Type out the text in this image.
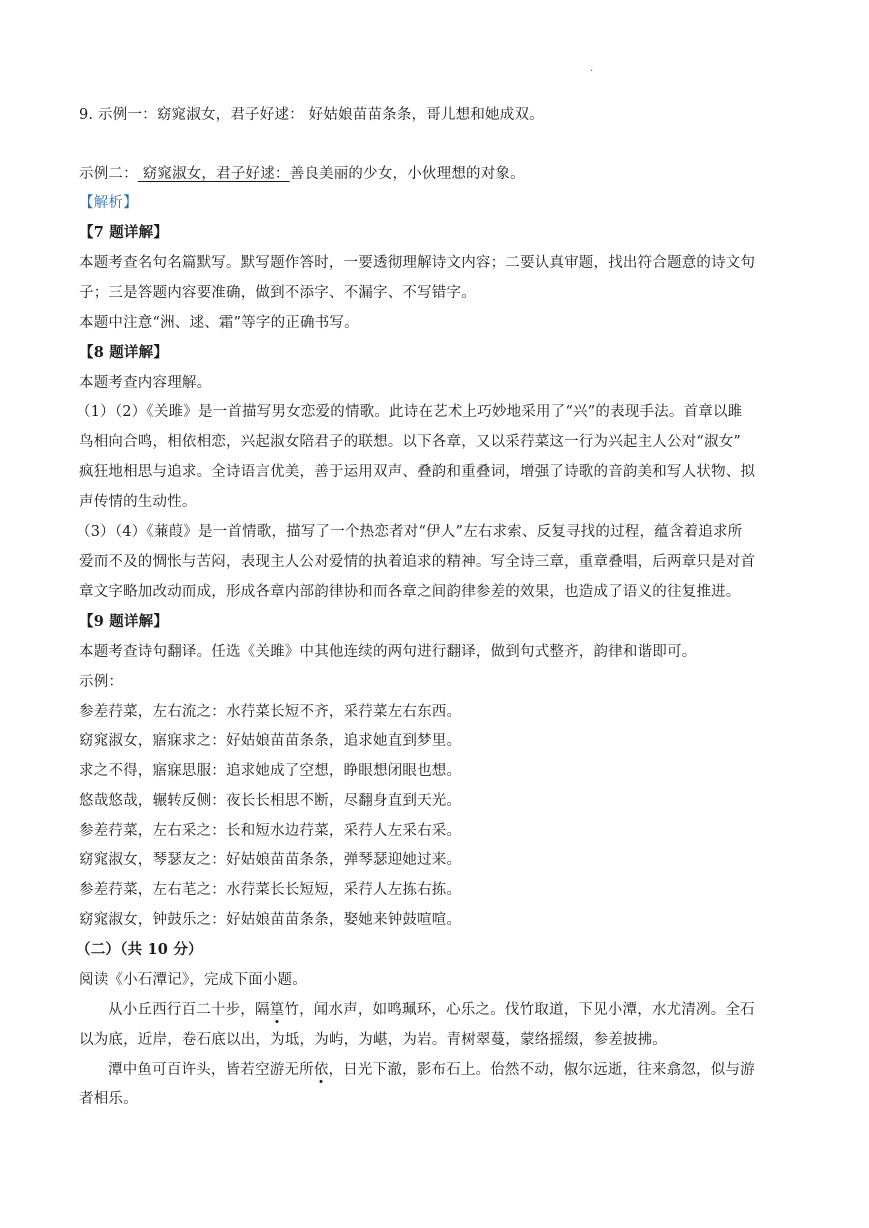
·
9. 示例一：窈窕淑女，君子好逑： 好姑娘苗苗条条，哥儿想和她成双。
示例二： 窈窕淑女，君子好逑：善良美丽的少女，小伙理想的对象。
【解析】
【7 题详解】
本题考查名句名篇默写。默写题作答时，一要透彻理解诗文内容；二要认真审题，找出符合题意的诗文句
子；三是答题内容要准确，做到不添字、不漏字、不写错字。
本题中注意“洲、逑、霜”等字的正确书写。
【8 题详解】
本题考查内容理解。
（1）（2）《关雎》是一首描写男女恋爱的情歌。此诗在艺术上巧妙地采用了“兴”的表现手法。首章以雎
鸟相向合鸣，相依相恋，兴起淑女陪君子的联想。以下各章，又以采荇菜这一行为兴起主人公对“淑女”
疯狂地相思与追求。全诗语言优美，善于运用双声、叠韵和重叠词，增强了诗歌的音韵美和写人状物、拟
声传情的生动性。
（3）（4）《蒹葭》是一首情歌，描写了一个热恋者对“伊人”左右求索、反复寻找的过程，蕴含着追求所
爱而不及的惆怅与苦闷，表现主人公对爱情的执着追求的精神。写全诗三章，重章叠唱，后两章只是对首
章文字略加改动而成，形成各章内部韵律协和而各章之间韵律参差的效果，也造成了语义的往复推进。
【9 题详解】
本题考查诗句翻译。任选《关雎》中其他连续的两句进行翻译，做到句式整齐，韵律和谐即可。
示例：
参差荇菜，左右流之：水荇菜长短不齐，采荇菜左右东西。
窈窕淑女，寤寐求之：好姑娘苗苗条条，追求她直到梦里。
求之不得，寤寐思服：追求她成了空想，睁眼想闭眼也想。
悠哉悠哉，辗转反侧：夜长长相思不断，尽翻身直到天光。
参差荇菜，左右采之：长和短水边荇菜，采荇人左采右采。
窈窕淑女，琴瑟友之：好姑娘苗苗条条，弹琴瑟迎她过来。
参差荇菜，左右芼之：水荇菜长长短短，采荇人左拣右拣。
窈窕淑女，钟鼓乐之：好姑娘苗苗条条，娶她来钟鼓喧喧。
（二）（共 10 分）
阅读《小石潭记》，完成下面小题。
从小丘西行百二十步，隔篁竹，闻水声，如鸣珮环，心乐之。伐竹取道，下见小潭，水尤清冽。全石
以为底，近岸，卷石底以出，为坻，为屿，为嵁，为岩。青树翠蔓，蒙络摇缀，参差披拂。
潭中鱼可百许头，皆若空游无所依，日光下澈，影布石上。佁然不动，俶尔远逝，往来翕忽，似与游
者相乐。
